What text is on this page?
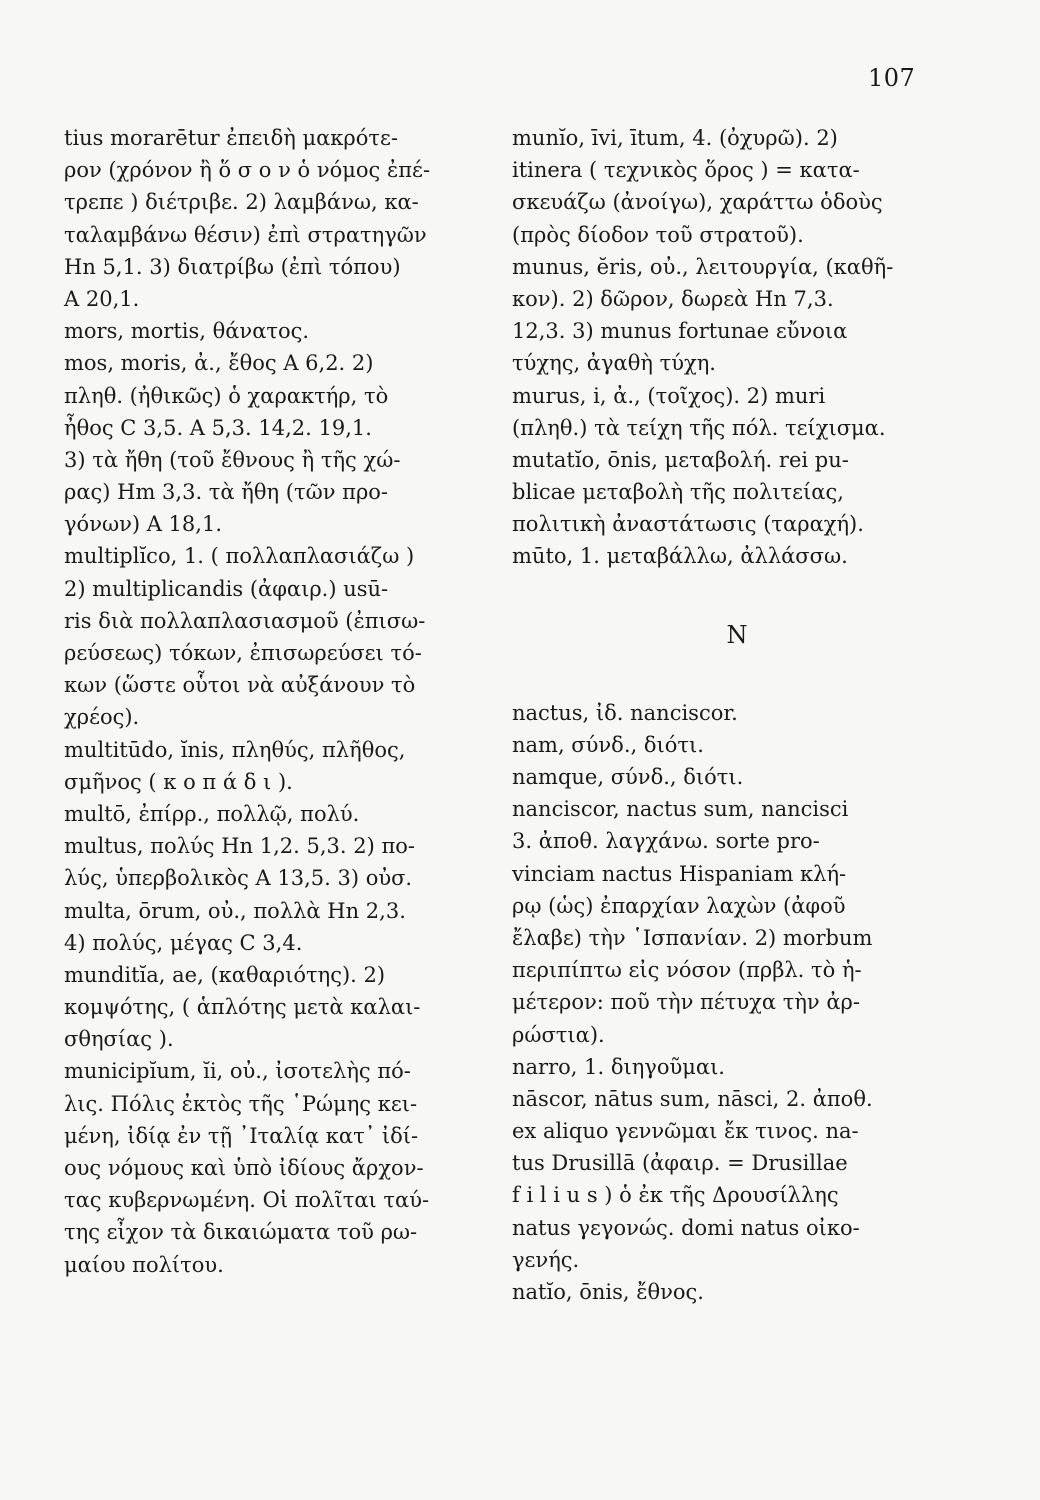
107
tius morarētur ἐπειδὴ μακρότε-
ρον (χρόνον ἢ ὅ σ ο ν ὁ νόμος ἐπέ-
τρεπε ) διέτριβε. 2) λαμβάνω, κα-
ταλαμβάνω θέσιν) ἐπὶ στρατηγῶν
Hn 5,1. 3) διατρίβω (ἐπὶ τόπου)
A 20,1.
mors, mortis, θάνατος.
mos, moris, ἀ., ἔθος A 6,2. 2)
πληθ. (ἠθικῶς) ὁ χαρακτήρ, τὸ
ἦθος C 3,5. A 5,3. 14,2. 19,1.
3) τὰ ἤθη (τοῦ ἔθνους ἢ τῆς χώ-
ρας) Hm 3,3. τὰ ἤθη (τῶν προ-
γόνων) A 18,1.
multiplĭco, 1. ( πολλαπλασιάζω )
2) multiplicandis (ἀφαιρ.) usū-
ris διὰ πολλαπλασιασμοῦ (ἐπισω-
ρεύσεως) τόκων, ἐπισωρεύσει τό-
κων (ὥστε οὗτοι νὰ αὐξάνουν τὸ
χρέος).
multitūdo, ĭnis, πληθύς, πλῆθος,
σμῆνος ( κ ο π ά δ ι ).
multō, ἐπίρρ., πολλῷ, πολύ.
multus, πολύς Hn 1,2. 5,3. 2) πο-
λύς, ὑπερβολικὸς A 13,5. 3) οὐσ.
multa, ōrum, οὐ., πολλὰ Hn 2,3.
4) πολύς, μέγας C 3,4.
munditĭa, ae, (καθαριότης). 2)
κομψότης, ( ἁπλότης μετὰ καλαι-
σθησίας ).
municipĭum, ĭi, οὐ., ἰσοτελὴς πό-
λις. Πόλις ἐκτὸς τῆς ῾Ρώμης κει-
μένη, ἰδίᾳ ἐν τῇ ᾿Ιταλίᾳ κατ᾿ ἰδί-
ους νόμους καὶ ὑπὸ ἰδίους ἄρχον-
τας κυβερνωμένη. Οἱ πολῖται ταύ-
της εἶχον τὰ δικαιώματα τοῦ ρω-
μαίου πολίτου.
munĭo, īvi, ītum, 4. (ὀχυρῶ). 2)
itinera ( τεχνικὸς ὅρος ) = κατα-
σκευάζω (ἀνοίγω), χαράττω ὁδοὺς
(πρὸς δίοδον τοῦ στρατοῦ).
munus, ĕris, οὐ., λειτουργία, (καθῆ-
κον). 2) δῶρον, δωρεὰ Hn 7,3.
12,3. 3) munus fortunae εὔνοια
τύχης, ἀγαθὴ τύχη.
murus, i, ἀ., (τοῖχος). 2) muri
(πληθ.) τὰ τείχη τῆς πόλ. τείχισμα.
mutatĭo, ōnis, μεταβολή. rei pu-
blicae μεταβολὴ τῆς πολιτείας,
πολιτικὴ ἀναστάτωσις (ταραχή).
mūto, 1. μεταβάλλω, ἀλλάσσω.
N
nactus, ἰδ. nanciscor.
nam, σύνδ., διότι.
namque, σύνδ., διότι.
nanciscor, nactus sum, nancisci
3. ἀποθ. λαγχάνω. sorte pro-
vinciam nactus Hispaniam κλή-
ρῳ (ὡς) ἐπαρχίαν λαχὼν (ἀφοῦ
ἔλαβε) τὴν ῾Ισπανίαν. 2) morbum
περιπίπτω εἰς νόσον (πρβλ. τὸ ἡ-
μέτερον: ποῦ τὴν πέτυχα τὴν ἀρ-
ρώστια).
narro, 1. διηγοῦμαι.
nāscor, nātus sum, nāsci, 2. ἀποθ.
ex aliquo γεννῶμαι ἔκ τινος. na-
tus Drusillā (ἀφαιρ. = Drusillae
f i l i u s ) ὁ ἐκ τῆς Δρουσίλλης
natus γεγονώς. domi natus οἰκο-
γενής.
natĭo, ōnis, ἔθνος.
